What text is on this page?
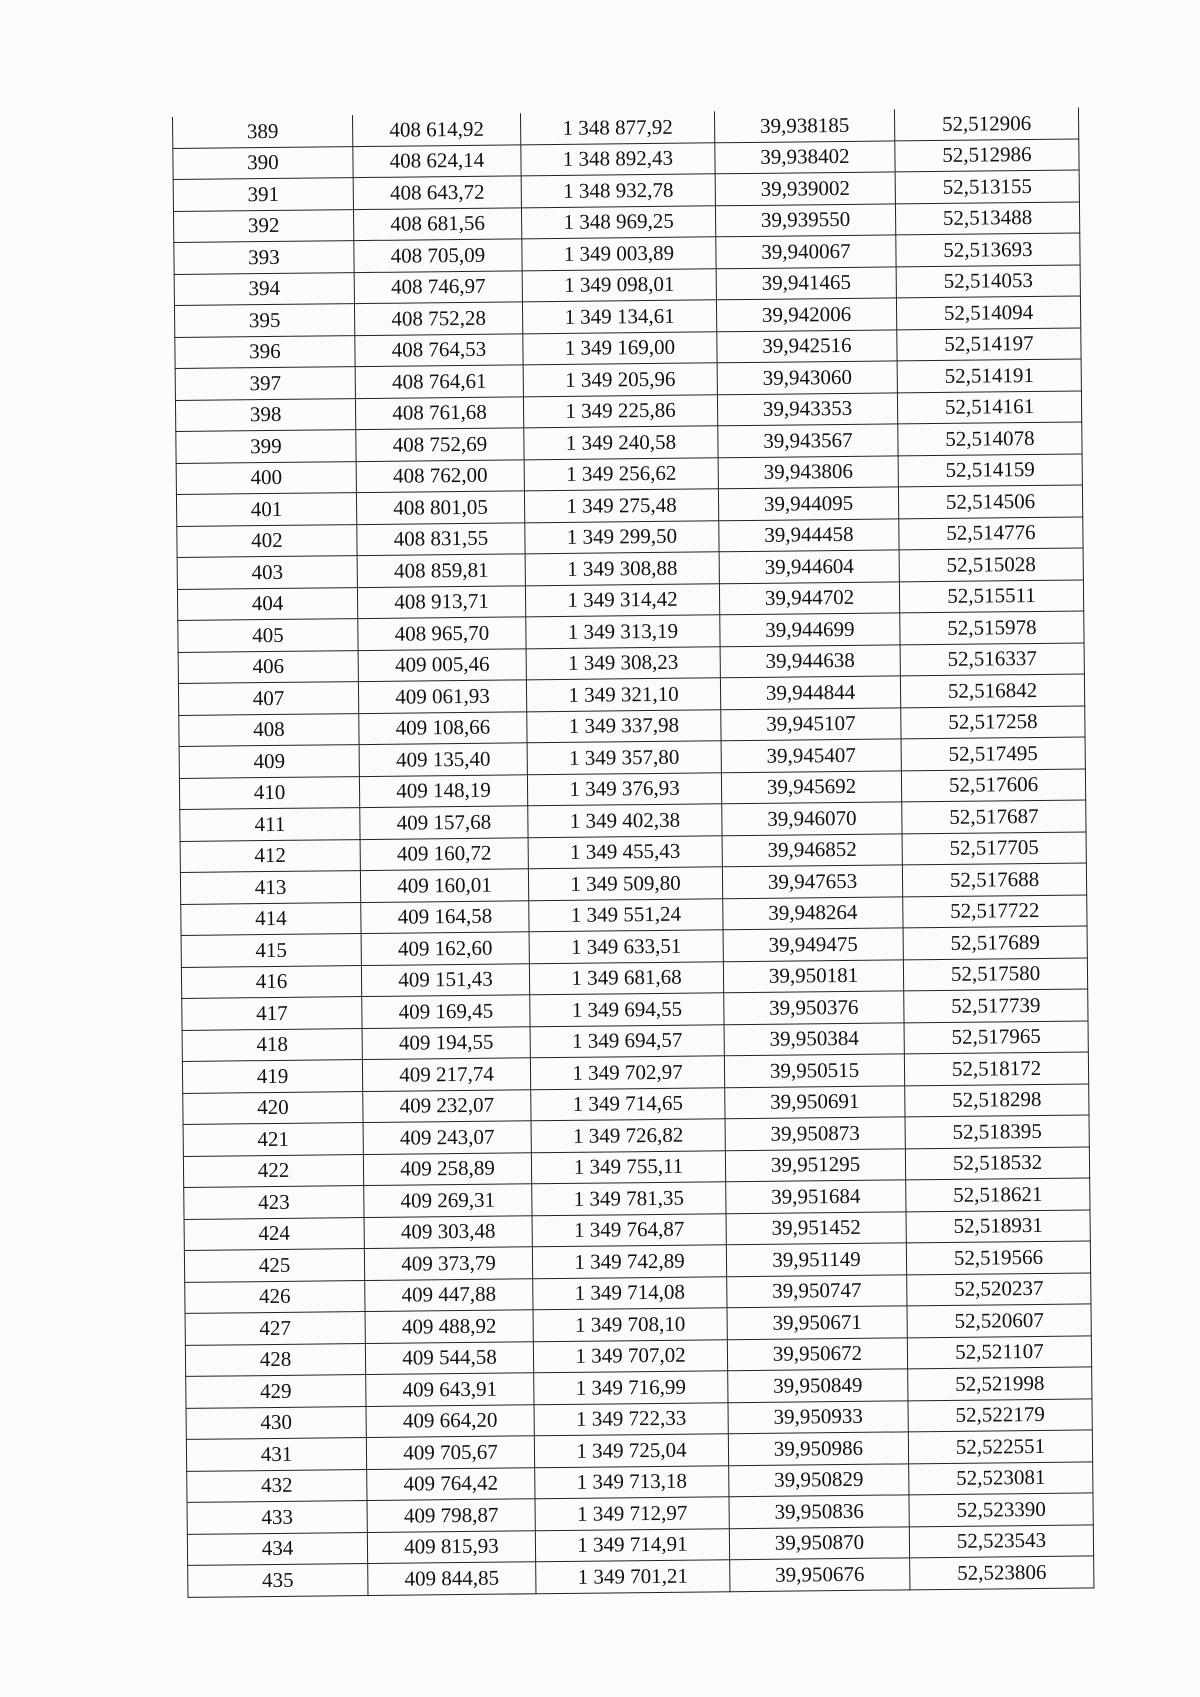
389	408 614,92	1 348 877,92	39,938185	52,512906
390	408 624,14	1 348 892,43	39,938402	52,512986
391	408 643,72	1 348 932,78	39,939002	52,513155
392	408 681,56	1 348 969,25	39,939550	52,513488
393	408 705,09	1 349 003,89	39,940067	52,513693
394	408 746,97	1 349 098,01	39,941465	52,514053
395	408 752,28	1 349 134,61	39,942006	52,514094
396	408 764,53	1 349 169,00	39,942516	52,514197
397	408 764,61	1 349 205,96	39,943060	52,514191
398	408 761,68	1 349 225,86	39,943353	52,514161
399	408 752,69	1 349 240,58	39,943567	52,514078
400	408 762,00	1 349 256,62	39,943806	52,514159
401	408 801,05	1 349 275,48	39,944095	52,514506
402	408 831,55	1 349 299,50	39,944458	52,514776
403	408 859,81	1 349 308,88	39,944604	52,515028
404	408 913,71	1 349 314,42	39,944702	52,515511
405	408 965,70	1 349 313,19	39,944699	52,515978
406	409 005,46	1 349 308,23	39,944638	52,516337
407	409 061,93	1 349 321,10	39,944844	52,516842
408	409 108,66	1 349 337,98	39,945107	52,517258
409	409 135,40	1 349 357,80	39,945407	52,517495
410	409 148,19	1 349 376,93	39,945692	52,517606
411	409 157,68	1 349 402,38	39,946070	52,517687
412	409 160,72	1 349 455,43	39,946852	52,517705
413	409 160,01	1 349 509,80	39,947653	52,517688
414	409 164,58	1 349 551,24	39,948264	52,517722
415	409 162,60	1 349 633,51	39,949475	52,517689
416	409 151,43	1 349 681,68	39,950181	52,517580
417	409 169,45	1 349 694,55	39,950376	52,517739
418	409 194,55	1 349 694,57	39,950384	52,517965
419	409 217,74	1 349 702,97	39,950515	52,518172
420	409 232,07	1 349 714,65	39,950691	52,518298
421	409 243,07	1 349 726,82	39,950873	52,518395
422	409 258,89	1 349 755,11	39,951295	52,518532
423	409 269,31	1 349 781,35	39,951684	52,518621
424	409 303,48	1 349 764,87	39,951452	52,518931
425	409 373,79	1 349 742,89	39,951149	52,519566
426	409 447,88	1 349 714,08	39,950747	52,520237
427	409 488,92	1 349 708,10	39,950671	52,520607
428	409 544,58	1 349 707,02	39,950672	52,521107
429	409 643,91	1 349 716,99	39,950849	52,521998
430	409 664,20	1 349 722,33	39,950933	52,522179
431	409 705,67	1 349 725,04	39,950986	52,522551
432	409 764,42	1 349 713,18	39,950829	52,523081
433	409 798,87	1 349 712,97	39,950836	52,523390
434	409 815,93	1 349 714,91	39,950870	52,523543
435	409 844,85	1 349 701,21	39,950676	52,523806
